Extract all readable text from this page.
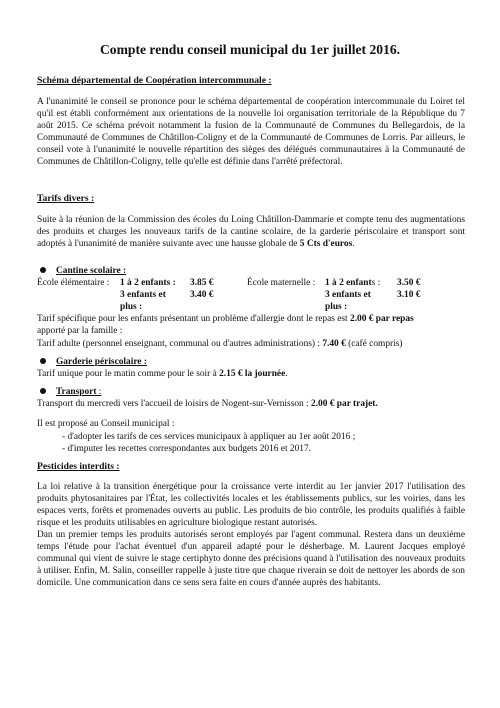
Compte rendu conseil municipal du 1er juillet 2016.
Schéma départemental de Coopération intercommunale :
A l'unanimité le conseil se prononce pour le schéma départemental de coopération intercommunale du Loiret tel qu'il est établi conformément aux orientations de la nouvelle loi organisation territoriale de la République du 7 août 2015. Ce schéma prévoit notamment la fusion de la Communauté de Communes du Bellegardois, de la Communauté de Communes de Châtillon-Coligny et de la Communauté de Communes de Lorris. Par ailleurs, le conseil vote à l'unanimité le nouvelle répartition des sièges des délégués communautaires à la Communauté de Communes de Châtillon-Coligny, telle qu'elle est définie dans l'arrêté préfectoral.
Tarifs divers :
Suite à la réunion de la Commission des écoles du Loing Châtillon-Dammarie et compte tenu des augmentations des produits et charges les nouveaux tarifs de la cantine scolaire, de la garderie périscolaire et transport sont adoptés à l'unanimité de manière suivante avec une hausse globale de 5 Cts d'euros.
Cantine scolaire :
École élémentaire : 1 à 2 enfants : 3.85 €	École maternelle : 1 à 2 enfants : 3.50 €
3 enfants et	3.40 €	3 enfants et	3.10 €
plus :	plus :
Tarif spécifique pour les enfants présentant un problème d'allergie dont le repas est 2.00 € par repas
apporté par la famille :
Tarif adulte (personnel enseignant, communal ou d'autres administrations) : 7.40 € (café compris)
Garderie périscolaire :
Tarif unique pour le matin comme pour le soir à 2.15 € la journée.
Transport :
Transport du mercredi vers l'accueil de loisirs de Nogent-sur-Vernisson : 2.00 € par trajet.
Il est proposé au Conseil municipal :
- d'adopter les tarifs de ces services municipaux à appliquer au 1er août 2016 ;
- d'imputer les recettes correspondantes aux budgets 2016 et 2017.
Pesticides interdits :
La loi relative à la transition énergétique pour la croissance verte interdit au 1er janvier 2017 l'utilisation des produits phytosanitaires par l'État, les collectivités locales et les établissements publics, sur les voiries, dans les espaces verts, forêts et promenades ouverts au public. Les produits de bio contrôle, les produits qualifiés à faible risque et les produits utilisables en agriculture biologique restant autorisés.
Dan un premier temps les produits autorisés seront employés par l'agent communal. Restera dans un deuxième temps l'étude pour l'achat éventuel d'un appareil adapté pour le désherbage. M. Laurent Jacques employé communal qui vient de suivre le stage certiphyto donne des précisions quand à l'utilisation des nouveaux produits à utiliser. Enfin, M. Salin, conseiller rappelle à juste titre que chaque riverain se doit de nettoyer les abords de son domicile. Une communication dans ce sens sera faite en cours d'année auprès des habitants.
